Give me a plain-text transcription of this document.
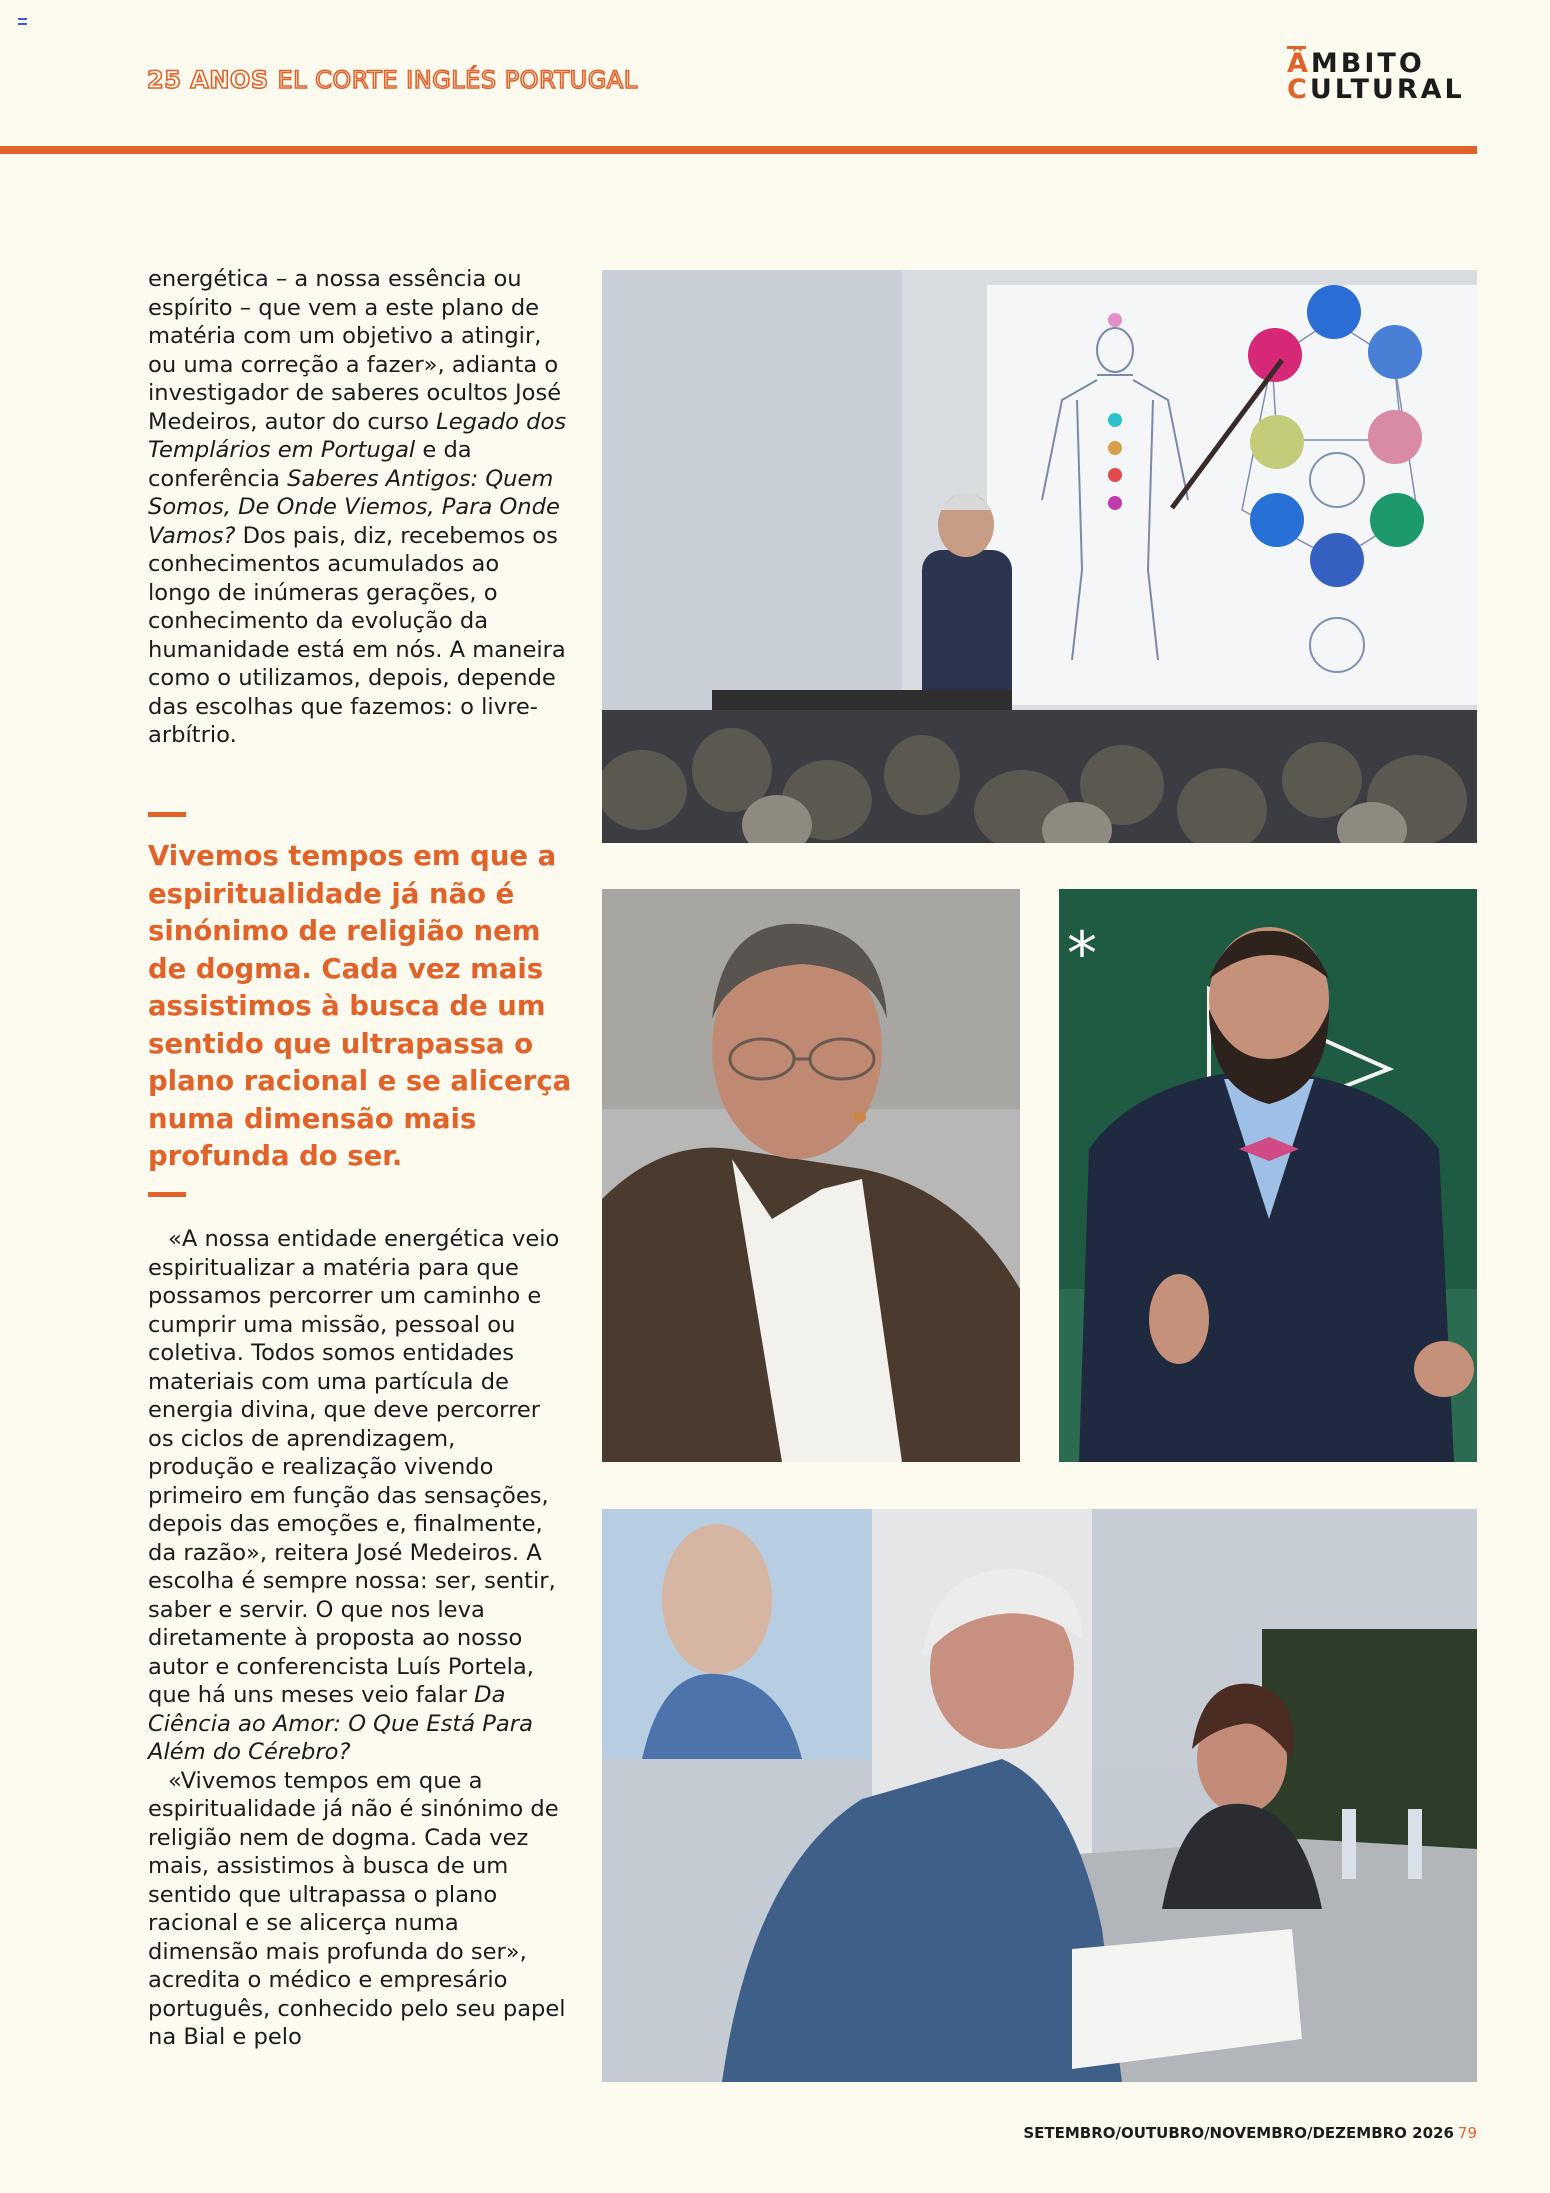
25 ANOS EL CORTE INGLÉS PORTUGAL
ÂMBITO
CULTURAL

energética – a nossa essência ou espírito – que vem a este plano de matéria com um objetivo a atingir, ou uma correção a fazer», adianta o investigador de saberes ocultos José Medeiros, autor do curso Legado dos Templários em Portugal e da conferência Saberes Antigos: Quem Somos, De Onde Viemos, Para Onde Vamos? Dos pais, diz, recebemos os conhecimentos acumulados ao longo de inúmeras gerações, o conhecimento da evolução da humanidade está em nós. A maneira como o utilizamos, depois, depende das escolhas que fazemos: o livre-arbítrio.

Vivemos tempos em que a espiritualidade já não é sinónimo de religião nem de dogma. Cada vez mais assistimos à busca de um sentido que ultrapassa o plano racional e se alicerça numa dimensão mais profunda do ser.

«A nossa entidade energética veio espiritualizar a matéria para que possamos percorrer um caminho e cumprir uma missão, pessoal ou coletiva. Todos somos entidades materiais com uma partícula de energia divina, que deve percorrer os ciclos de aprendizagem, produção e realização vivendo primeiro em função das sensações, depois das emoções e, finalmente, da razão», reitera José Medeiros. A escolha é sempre nossa: ser, sentir, saber e servir. O que nos leva diretamente à proposta ao nosso autor e conferencista Luís Portela, que há uns meses veio falar Da Ciência ao Amor: O Que Está Para Além do Cérebro?

«Vivemos tempos em que a espiritualidade já não é sinónimo de religião nem de dogma. Cada vez mais, assistimos à busca de um sentido que ultrapassa o plano racional e se alicerça numa dimensão mais profunda do ser», acredita o médico e empresário português, conhecido pelo seu papel na Bial e pelo

*
SETEMBRO/OUTUBRO/NOVEMBRO/DEZEMBRO 2026 79
